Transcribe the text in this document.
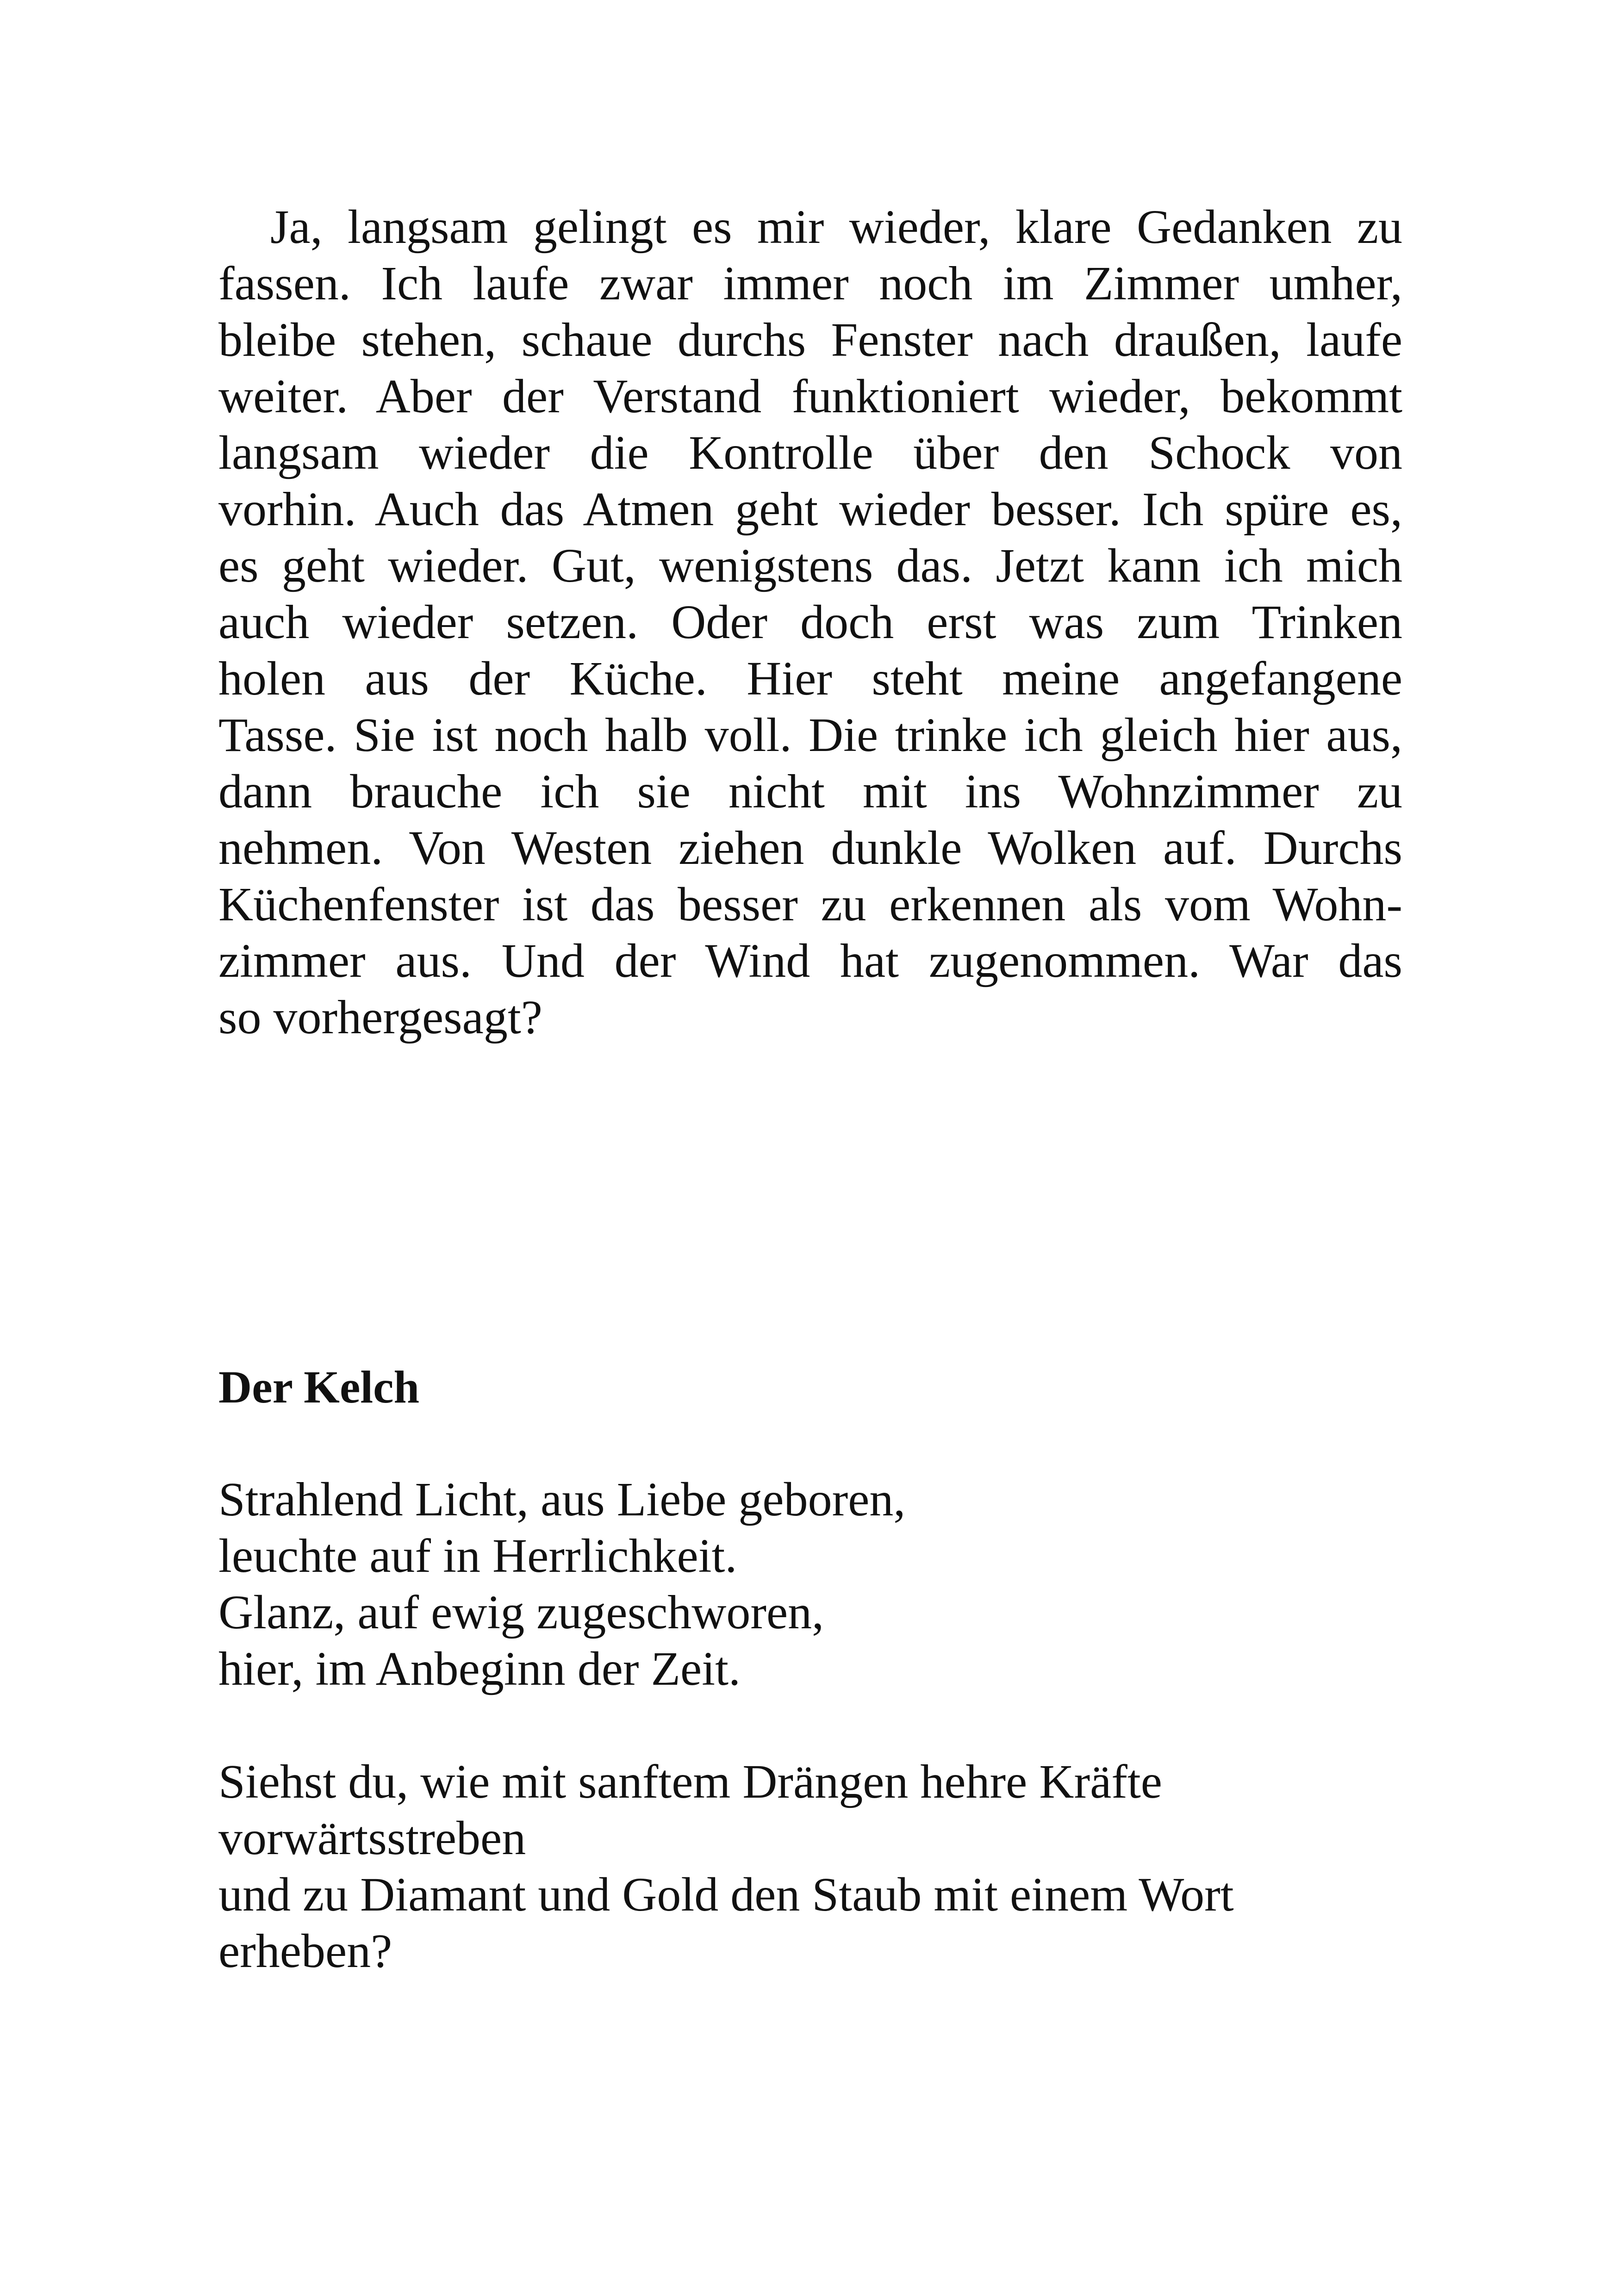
Ja, langsam gelingt es mir wieder, klare Gedanken zu
fassen. Ich laufe zwar immer noch im Zimmer umher,
bleibe stehen, schaue durchs Fenster nach draußen, laufe
weiter. Aber der Verstand funktioniert wieder, bekommt
langsam wieder die Kontrolle über den Schock von
vorhin. Auch das Atmen geht wieder besser. Ich spüre es,
es geht wieder. Gut, wenigstens das. Jetzt kann ich mich
auch wieder setzen. Oder doch erst was zum Trinken
holen aus der Küche. Hier steht meine angefangene
Tasse. Sie ist noch halb voll. Die trinke ich gleich hier aus,
dann brauche ich sie nicht mit ins Wohnzimmer zu
nehmen. Von Westen ziehen dunkle Wolken auf. Durchs
Küchenfenster ist das besser zu erkennen als vom Wohn-
zimmer aus. Und der Wind hat zugenommen. War das
so vorhergesagt?
Der Kelch
Strahlend Licht, aus Liebe geboren,
leuchte auf in Herrlichkeit.
Glanz, auf ewig zugeschworen,
hier, im Anbeginn der Zeit.
Siehst du, wie mit sanftem Drängen hehre Kräfte
vorwärtsstreben
und zu Diamant und Gold den Staub mit einem Wort
erheben?
